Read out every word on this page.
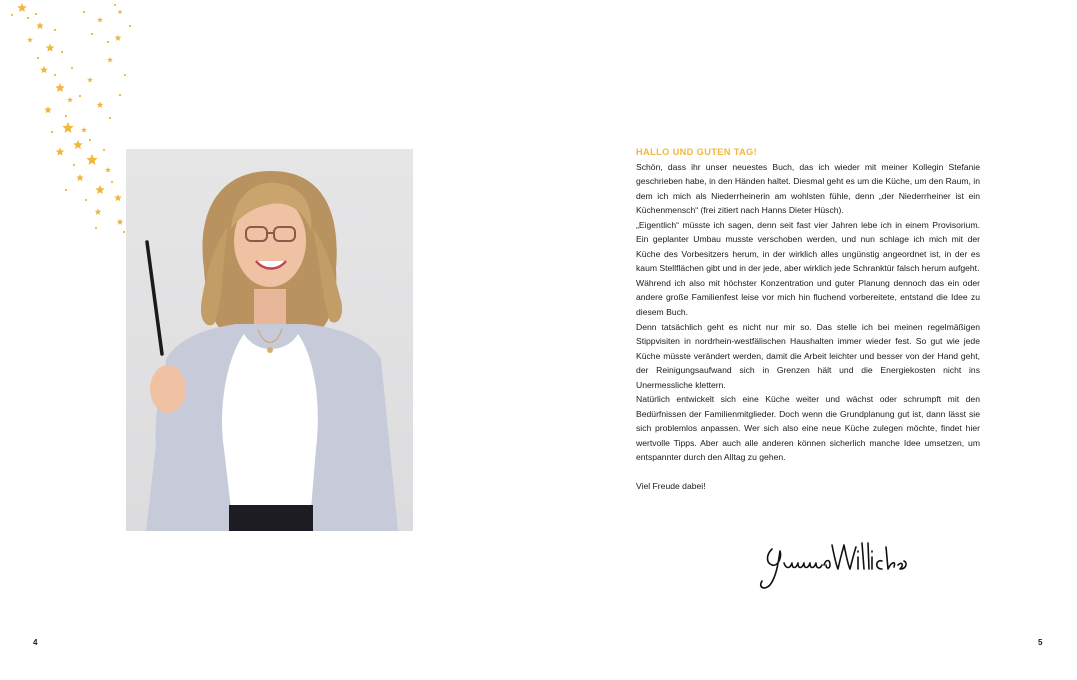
HALLO UND GUTEN TAG!

Schön, dass ihr unser neuestes Buch, das ich wieder mit meiner Kollegin Stefanie geschrieben habe, in den Händen haltet. Diesmal geht es um die Küche, um den Raum, in dem ich mich als Niederrheinerin am wohlsten fühle, denn „der Niederrheiner ist ein Küchenmensch“ (frei zitiert nach Hanns Dieter Hüsch).

„Eigentlich“ müsste ich sagen, denn seit fast vier Jahren lebe ich in einem Provisorium. Ein geplanter Umbau musste verschoben werden, und nun schlage ich mich mit der Küche des Vorbesitzers herum, in der wirklich alles ungünstig angeordnet ist, in der es kaum Stellflächen gibt und in der jede, aber wirklich jede Schranktür falsch herum aufgeht.

Während ich also mit höchster Konzentration und guter Planung dennoch das ein oder andere große Familienfest leise vor mich hin fluchend vorbereitete, entstand die Idee zu diesem Buch.

Denn tatsächlich geht es nicht nur mir so. Das stelle ich bei meinen regelmäßigen Stippvisiten in nordrhein-westfälischen Haushalten immer wieder fest. So gut wie jede Küche müsste verändert werden, damit die Arbeit leichter und besser von der Hand geht, der Reinigungsaufwand sich in Grenzen hält und die Energiekosten nicht ins Unermessliche klettern.

Natürlich entwickelt sich eine Küche weiter und wächst oder schrumpft mit den Bedürfnissen der Familienmitglieder. Doch wenn die Grundplanung gut ist, dann lässt sie sich problemlos anpassen. Wer sich also eine neue Küche zulegen möchte, findet hier wertvolle Tipps. Aber auch alle anderen können sicherlich manche Idee umsetzen, um entspannter durch den Alltag zu gehen.

Viel Freude dabei!

4	5
